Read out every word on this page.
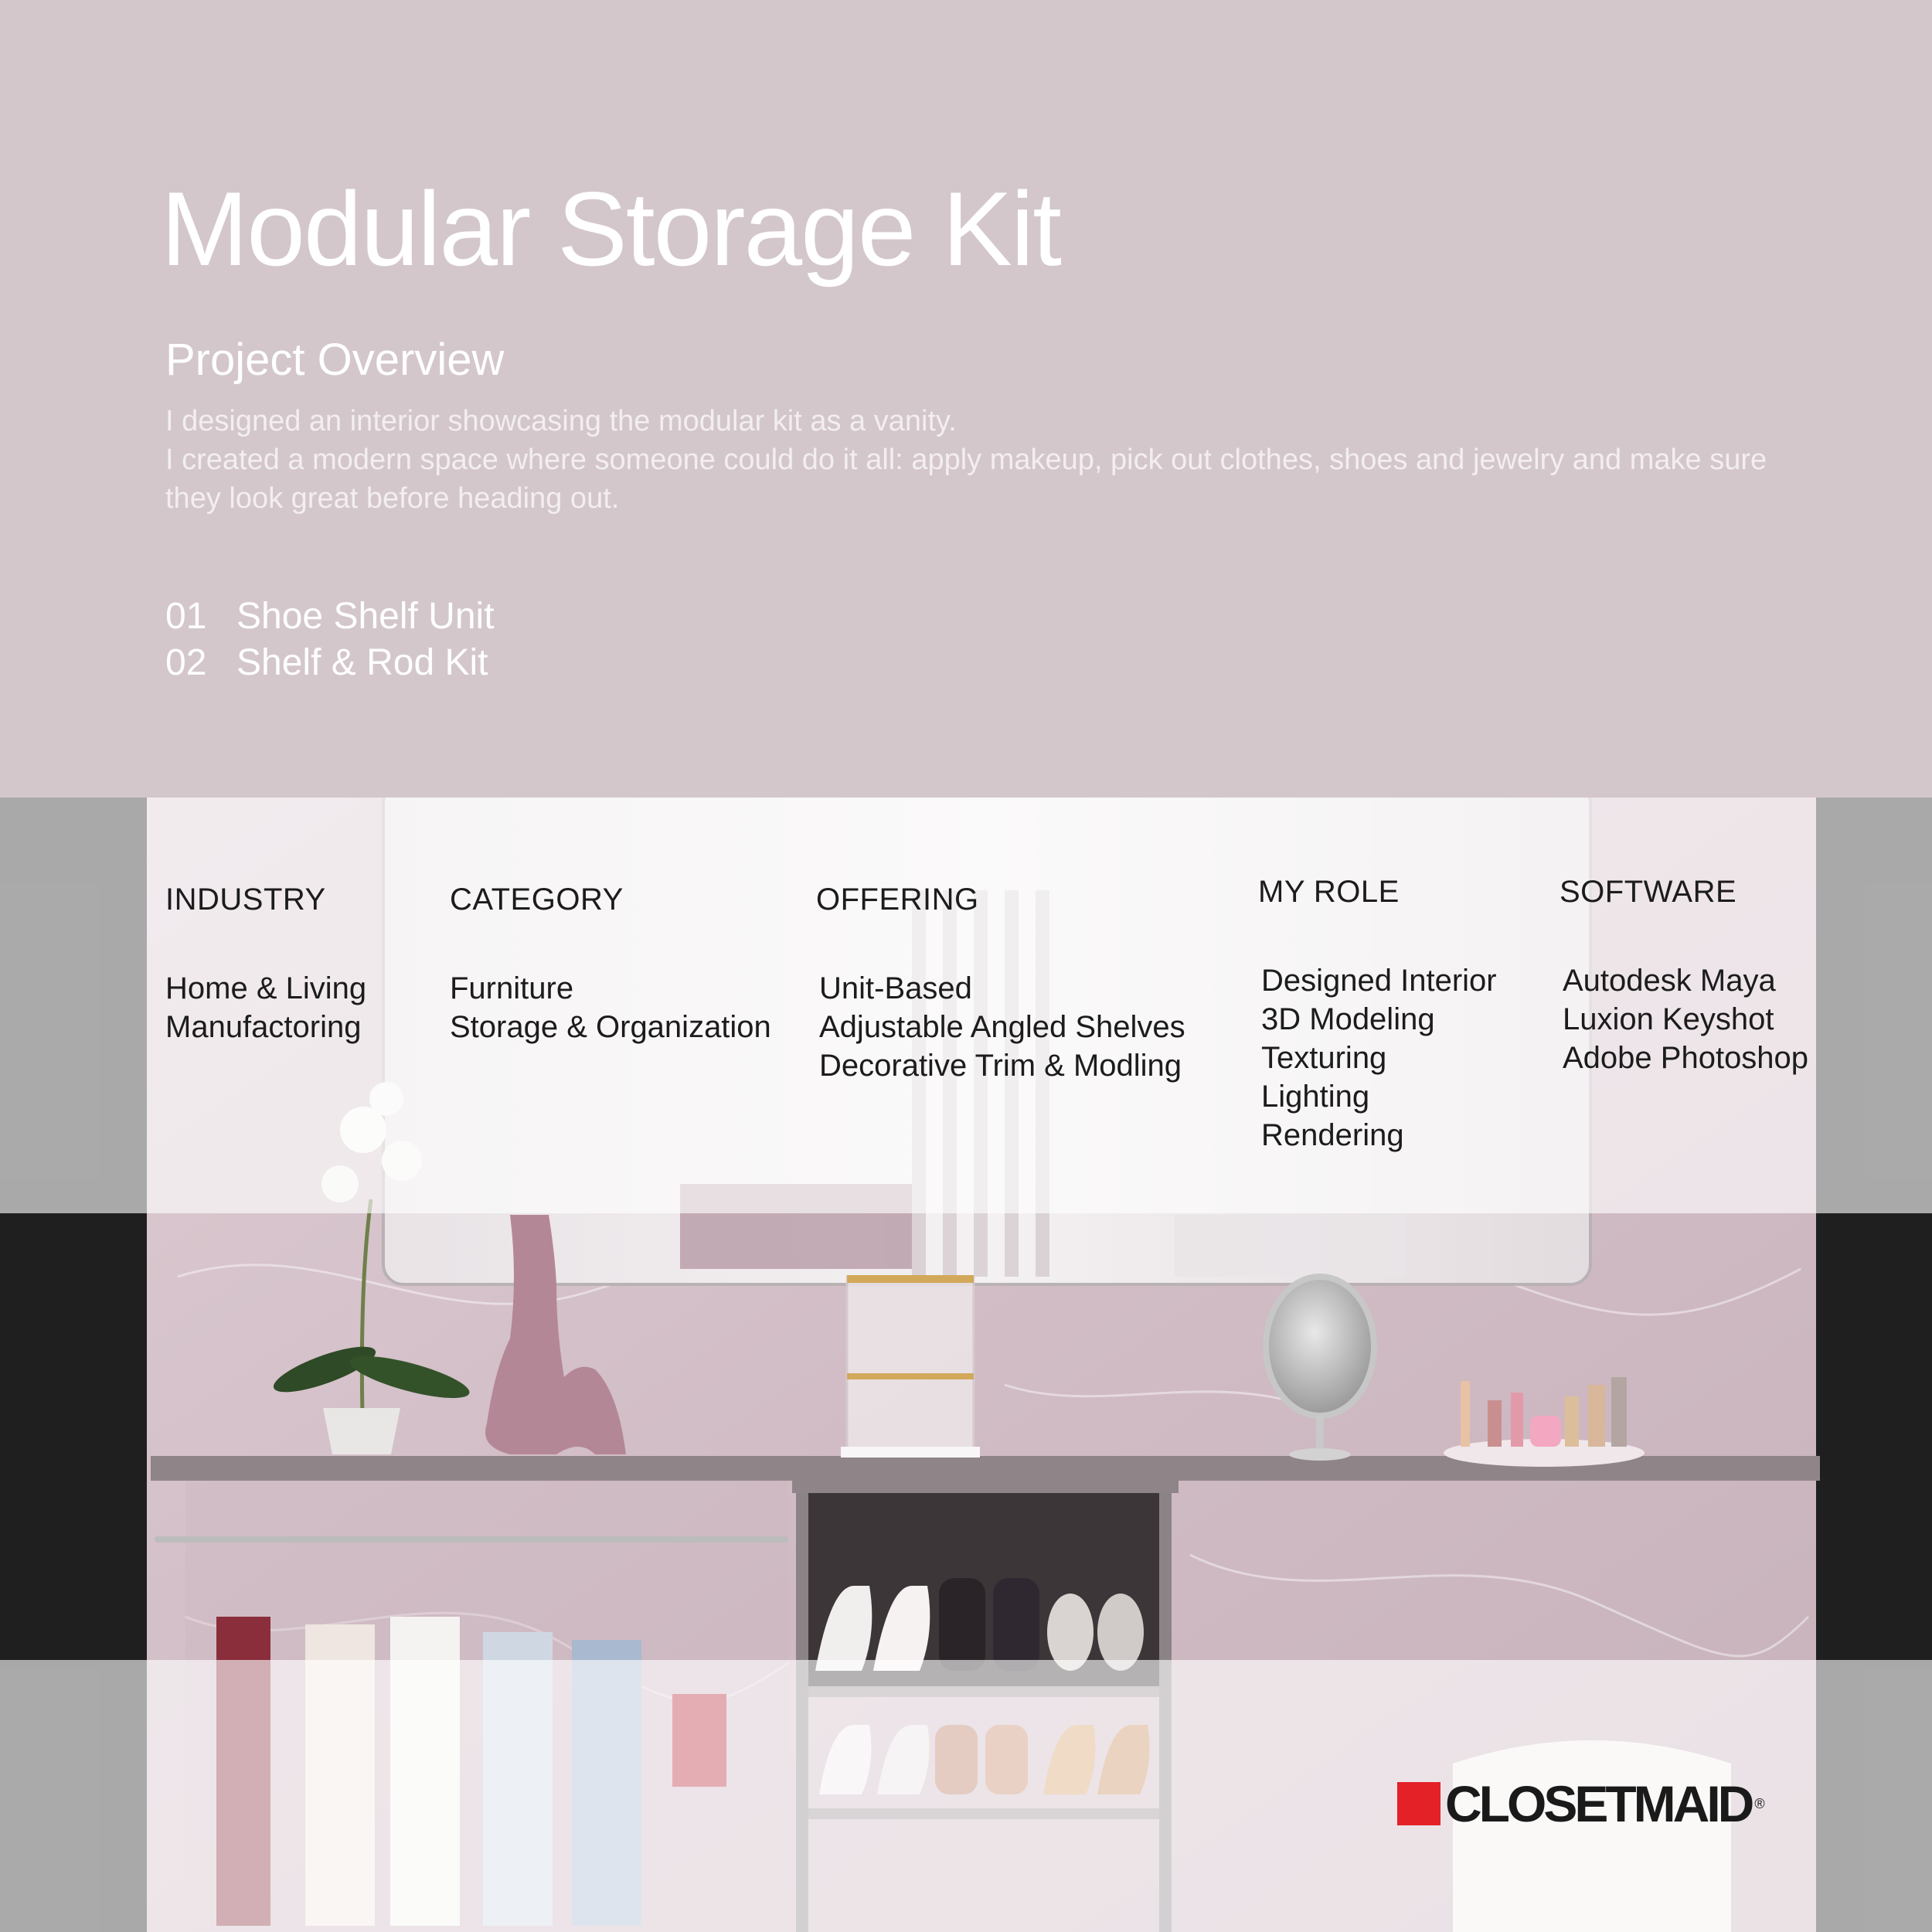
Modular Storage Kit
Project Overview

I designed an interior showcasing the modular kit as a vanity.

I created a modern space where someone could do it all: apply makeup, pick out clothes, shoes and jewelry and make sure they look great before heading out.

01 Shoe Shelf Unit
02 Shelf & Rod Kit
INDUSTRY
Home & Living
Manufactoring
CATEGORY
Furniture
Storage & Organization
OFFERING
Unit-Based
Adjustable Angled Shelves
Decorative Trim & Modling
MY ROLE
Designed Interior
3D Modeling
Texturing
Lighting
Rendering
SOFTWARE
Autodesk Maya
Luxion Keyshot
Adobe Photoshop
CLOSETMAID ®
